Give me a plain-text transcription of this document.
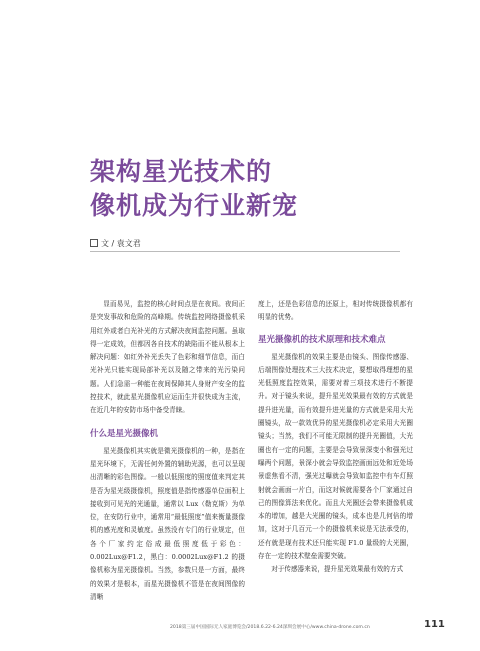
架构星光技术的
像机成为行业新宠
文 / 袁文君

显而易见，监控的核心时间点是在夜间。夜间正是突发事故和危险的高峰期。传统监控网络摄像机采用红外或者白光补光的方式解决夜间监控问题。虽取得一定成效，但都因各自技术的缺陷而不能从根本上解决问题：如红外补光丢失了色彩和细节信息，而白光补光只能实现局部补光以及随之带来的光污染问题。人们急需一种能在夜间保障其人身财产安全的监控技术，就此星光摄像机应运而生并很快成为主流，在近几年的安防市场中备受青睐。

什么是星光摄像机

星光摄像机其实就是微光摄像机的一种，是指在星光环境下，无需任何外置的辅助光源，也可以呈现出清晰的彩色图像。一般以低照度的照度值来判定其是否为星光级摄像机，照度值是指传感器单位面积上接收到可见光的光通量，通常以 Lux（勒克斯）为单位，在安防行业中，通常用“最低照度”值来衡量摄像机的感光度和灵敏度。虽然没有专门的行业规定，但各个厂家约定俗成最低照度低于彩色：0.002Lux@F1.2，黑白：0.0002Lux@F1.2 的摄像机称为星光摄像机。当然，参数只是一方面，最终的效果才是根本，而星光摄像机不管是在夜间图像的清晰

度上，还是色彩信息的还原上，相对传统摄像机都有明显的优势。

星光摄像机的技术原理和技术难点

星光摄像机的效果主要是由镜头、图像传感器、后端图像处理技术三大技术决定，要想取得理想的星光低照度监控效果，需要对着三项技术进行不断提升。对于镜头来说，提升星光效果最有效的方式就是提升进光量，而有效提升进光量的方式就是采用大光圈镜头，故一款效优异的星光摄像机必定采用大光圈镜头；当然，我们不可能无限制的提升光圈值，大光圈也有一定的问题，主要是会导致景深变小和强光过曝两个问题，景深小就会导致监控画面远处和近处场景虚焦看不清，强光过曝就会导致如监控中有车灯照射就会画面一片白，而这对候就需要各个厂家通过自己的图像算法来优化。而且大光圈还会带来摄像机成本的增加，越是大光圈的镜头，成本也是几何倍的增加，这对于几百元一个的摄像机来说是无法承受的，还有就是现有技术还只能实现 F1.0 量级的大光圈，存在一定的技术壁垒需要突破。

对于传感器来说，提升星光效果最有效的方式

2018第三届中国国际无人家庭博览会/2018.6.22-6.24深圳会展中心/www.china-drone.com.cn	111
